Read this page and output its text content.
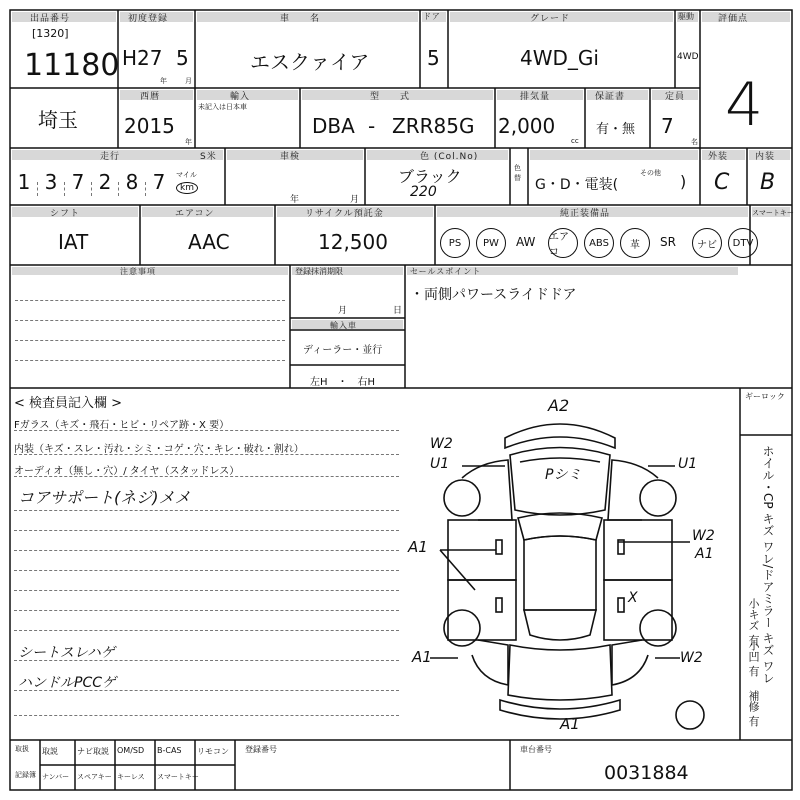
出品番号
[1320]
11180
初度登録
H27 5
年	月
車　　名
エスクァイア
ドア
5
グレード
4WD_Gi
駆動
4WD
評価点
4
埼玉
西暦
2015
年
輸入
未記入は日本車
型　　式
DBA - ZRR85G
排気量
2,000
cc
保証書
有・無
定員
7
名
走行
1 3 7 2 8 7	マイル
km
S米	車検
年	月
色 (Col.No)
ブラック
220
色替 G・D・電装(
その他 )
外装
C
内装
B
シフト
IAT
エアコン
AAC
リサイクル預託金
12,500
純正装備品	スマートキー
PS	PW	AW エアコ
ABS	革	SR	ナビ	DTV
注意事項	登録抹消期限
月	日
輸入車
ディーラー・並行
左H　・　右H
セールスポイント
・両側パワースライドドア
< 検査員記入欄 >
Fガラス（キズ・飛石・ヒビ・リペア跡・X 要）
内装（キズ・スレ・汚れ・シミ・コゲ・穴・キレ・破れ・割れ）
オーディオ（無し・穴）/ タイヤ（スタッドレス）
コアサポート(ネジ)メメ
シートスレハゲ
ハンドルPCCゲ
A2
W2
U1	U1
Pシミ
A1
W2
A1
X
A1	W2
A1
ギーロック
ホイル・CP キズ ワレ/ドアミラー キズ ワレ
小キズ 有
小凹 有
補修 有
取扱
記録簿
取説 ナビ取説 OM/SD B-CAS リモコン
ナンバー スペアキー キーレス スマートキー
登録番号	車台番号
0031884
